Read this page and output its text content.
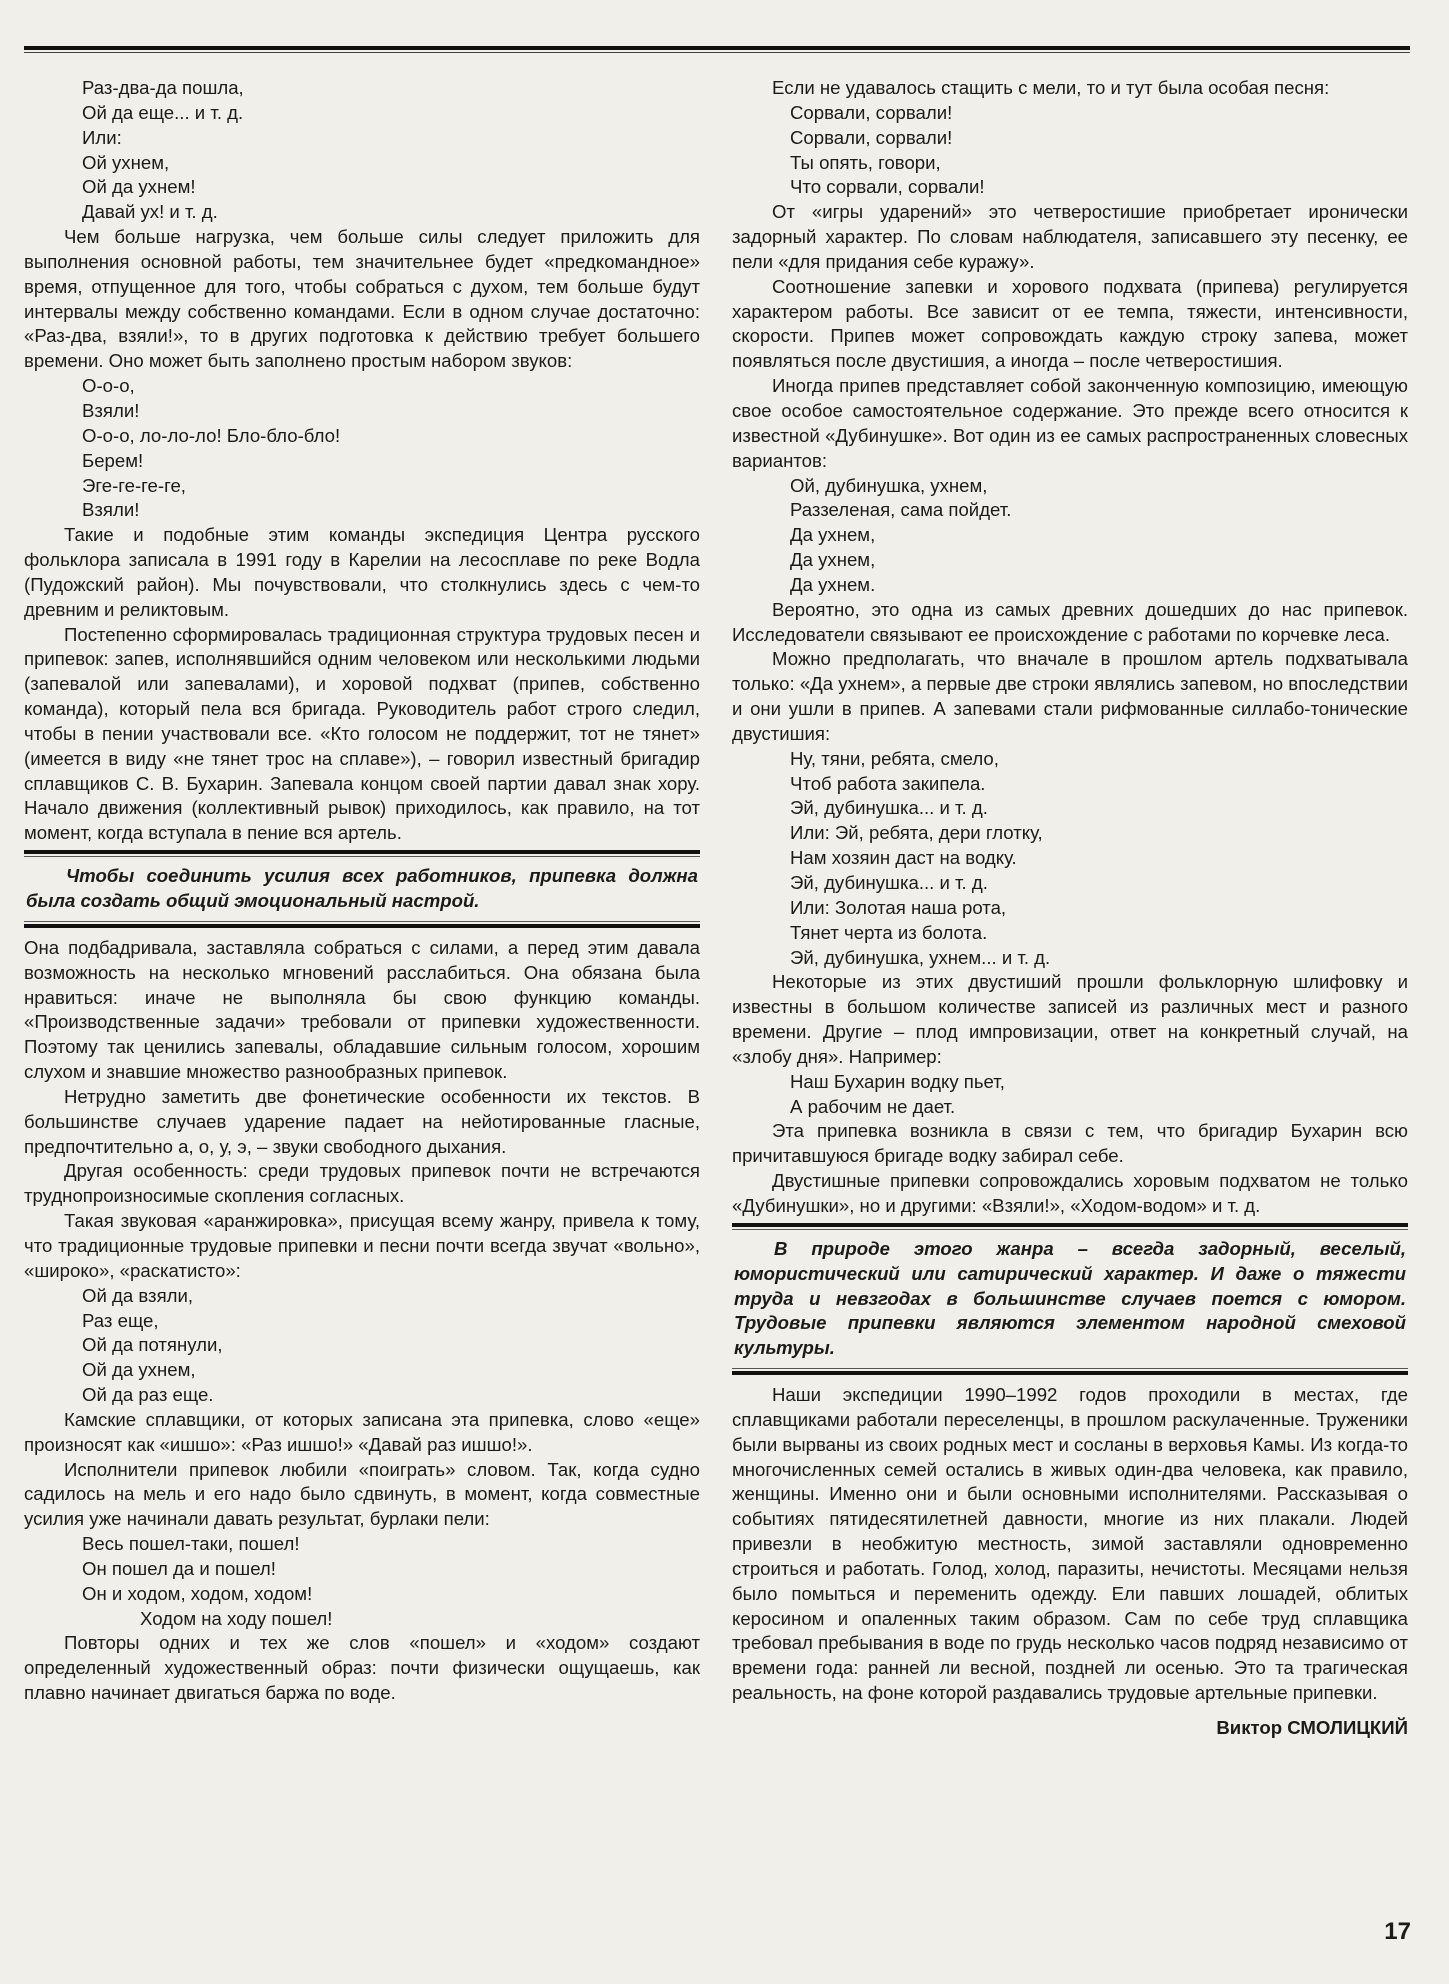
Раз-два-да пошла,
Ой да еще... и т. д.
Или:
Ой ухнем,
Ой да ухнем!
Давай ух! и т. д.

Чем больше нагрузка, чем больше силы следует приложить для выполнения основной работы, тем значительнее будет «предкомандное» время, отпущенное для того, чтобы собраться с духом, тем больше будут интервалы между собственно командами. Если в одном случае достаточно: «Раз-два, взяли!», то в других подготовка к действию требует большего времени. Оно может быть заполнено простым набором звуков:

О-о-о,
Взяли!
О-о-о, ло-ло-ло! Бло-бло-бло!
Берем!
Эге-ге-ге-ге,
Взяли!

Такие и подобные этим команды экспедиция Центра русского фольклора записала в 1991 году в Карелии на лесосплаве по реке Водла (Пудожский район). Мы почувствовали, что столкнулись здесь с чем-то древним и реликтовым.

Постепенно сформировалась традиционная структура трудовых песен и припевок: запев, исполнявшийся одним человеком или несколькими людьми (запевалой или запевалами), и хоровой подхват (припев, собственно команда), который пела вся бригада. Руководитель работ строго следил, чтобы в пении участвовали все. «Кто голосом не поддержит, тот не тянет» (имеется в виду «не тянет трос на сплаве»), – говорил известный бригадир сплавщиков С. В. Бухарин. Запевала концом своей партии давал знак хору. Начало движения (коллективный рывок) приходилось, как правило, на тот момент, когда вступала в пение вся артель.

Чтобы соединить усилия всех работников, припевка должна была создать общий эмоциональный настрой.

Она подбадривала, заставляла собраться с силами, а перед этим давала возможность на несколько мгновений расслабиться. Она обязана была нравиться: иначе не выполняла бы свою функцию команды. «Производственные задачи» требовали от припевки художественности. Поэтому так ценились запевалы, обладавшие сильным голосом, хорошим слухом и знавшие множество разнообразных припевок.

Нетрудно заметить две фонетические особенности их текстов. В большинстве случаев ударение падает на нейотированные гласные, предпочтительно а, о, у, э, – звуки свободного дыхания.

Другая особенность: среди трудовых припевок почти не встречаются труднопроизносимые скопления согласных.

Такая звуковая «аранжировка», присущая всему жанру, привела к тому, что традиционные трудовые припевки и песни почти всегда звучат «вольно», «широко», «раскатисто»:

Ой да взяли,
Раз еще,
Ой да потянули,
Ой да ухнем,
Ой да раз еще.

Камские сплавщики, от которых записана эта припевка, слово «еще» произносят как «ишшо»: «Раз ишшо!» «Давай раз ишшо!».

Исполнители припевок любили «поиграть» словом. Так, когда судно садилось на мель и его надо было сдвинуть, в момент, когда совместные усилия уже начинали давать результат, бурлаки пели:

Весь пошел-таки, пошел!
Он пошел да и пошел!
Он и ходом, ходом, ходом!
Ходом на ходу пошел!

Повторы одних и тех же слов «пошел» и «ходом» создают определенный художественный образ: почти физически ощущаешь, как плавно начинает двигаться баржа по воде.

Если не удавалось стащить с мели, то и тут была особая песня:

Сорвали, сорвали!
Сорвали, сорвали!
Ты опять, говори,
Что сорвали, сорвали!

От «игры ударений» это четверостишие приобретает иронически задорный характер. По словам наблюдателя, записавшего эту песенку, ее пели «для придания себе куражу».

Соотношение запевки и хорового подхвата (припева) регулируется характером работы. Все зависит от ее темпа, тяжести, интенсивности, скорости. Припев может сопровождать каждую строку запева, может появляться после двустишия, а иногда – после четверостишия.

Иногда припев представляет собой законченную композицию, имеющую свое особое самостоятельное содержание. Это прежде всего относится к известной «Дубинушке». Вот один из ее самых распространенных словесных вариантов:

Ой, дубинушка, ухнем,
Раззеленая, сама пойдет.
Да ухнем,
Да ухнем,
Да ухнем.

Вероятно, это одна из самых древних дошедших до нас припевок. Исследователи связывают ее происхождение с работами по корчевке леса.

Можно предполагать, что вначале в прошлом артель подхватывала только: «Да ухнем», а первые две строки являлись запевом, но впоследствии и они ушли в припев. А запевами стали рифмованные силлабо-тонические двустишия:

Ну, тяни, ребята, смело,
Чтоб работа закипела.
Эй, дубинушка... и т. д.
Или: Эй, ребята, дери глотку,
Нам хозяин даст на водку.
Эй, дубинушка... и т. д.
Или: Золотая наша рота,
Тянет черта из болота.
Эй, дубинушка, ухнем... и т. д.

Некоторые из этих двустиший прошли фольклорную шлифовку и известны в большом количестве записей из различных мест и разного времени. Другие – плод импровизации, ответ на конкретный случай, на «злобу дня». Например:

Наш Бухарин водку пьет,
А рабочим не дает.

Эта припевка возникла в связи с тем, что бригадир Бухарин всю причитавшуюся бригаде водку забирал себе.

Двустишные припевки сопровождались хоровым подхватом не только «Дубинушки», но и другими: «Взяли!», «Ходом-водом» и т. д.

В природе этого жанра – всегда задорный, веселый, юмористический или сатирический характер. И даже о тяжести труда и невзгодах в большинстве случаев поется с юмором. Трудовые припевки являются элементом народной смеховой культуры.

Наши экспедиции 1990–1992 годов проходили в местах, где сплавщиками работали переселенцы, в прошлом раскулаченные. Труженики были вырваны из своих родных мест и сосланы в верховья Камы. Из когда-то многочисленных семей остались в живых один-два человека, как правило, женщины. Именно они и были основными исполнителями. Рассказывая о событиях пятидесятилетней давности, многие из них плакали. Людей привезли в необжитую местность, зимой заставляли одновременно строиться и работать. Голод, холод, паразиты, нечистоты. Месяцами нельзя было помыться и переменить одежду. Ели павших лошадей, облитых керосином и опаленных таким образом. Сам по себе труд сплавщика требовал пребывания в воде по грудь несколько часов подряд независимо от времени года: ранней ли весной, поздней ли осенью. Это та трагическая реальность, на фоне которой раздавались трудовые артельные припевки.

Виктор СМОЛИЦКИЙ

17
